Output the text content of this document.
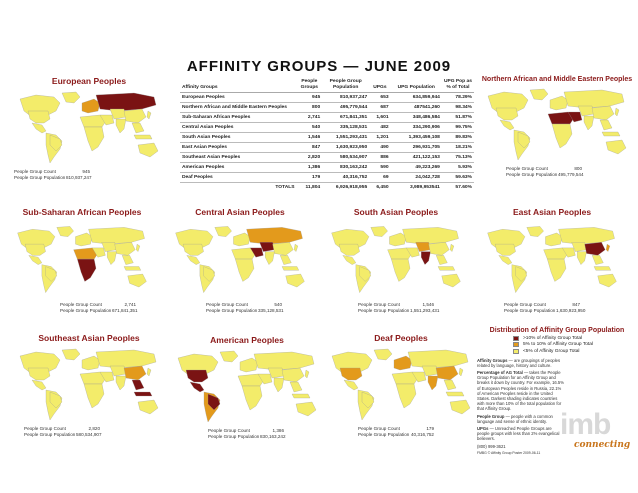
AFFINITY GROUPS — JUNE 2009
European Peoples
People Group Count	945
People Group Population 810,937,247
Affinity Groups	People Groups	People Group Population	UPGs	UPG Population	UPG Pop as % of Total
European Peoples	945	810,937,247	653	634,859,944	78.29%
Northern African and Middle Eastern Peoples	800	495,779,544	687	487541,260	98.34%
Sub-Saharan African Peoples	2,741	671,841,351	1,601	348,486,584	51.87%
Central Asian Peoples	540	335,128,531	482	334,290,906	99.75%
South Asian Peoples	1,546	1,551,293,431	1,201	1,393,459,108	89.83%
East Asian Peoples	847	1,630,923,950	490	296,931,705	18.21%
Southeast Asian Peoples	2,820	580,534,907	886	421,122,153	75.13%
American Peoples	1,386	830,163,242	590	49,223,269	5.93%
Deaf Peoples	179	40,316,752	69	24,042,728	59.63%
TOTALS	11,804	6,926,918,955	6,450	3,989,953541	57.60%
Northern African and Middle Eastern Peoples
People Group Count	800
People Group Population 495,779,544
Sub-Saharan African Peoples
People Group Count	2,741
People Group Population 671,841,351
Central Asian Peoples
People Group Count	540
People Group Population 335,128,531
South Asian Peoples
People Group Count	1,546
People Group Population 1,551,293,431
East Asian Peoples
People Group Count	847
People Group Population 1,630,923,950
Southeast Asian Peoples
People Group Count	2,820
People Group Population 580,534,907
American Peoples
People Group Count	1,386
People Group Population 830,163,242
Deaf Peoples
People Group Count	179
People Group Population 40,316,752
Distribution of Affinity Group Population
>10% of Affinity Group Total
5% to 10% of Affinity Group Total
<5% of Affinity Group Total

Affinity Groups — are groupings of peoples related by language, history and culture.

Percentage of AG Total — takes the People Group Population for an Affinity Group and breaks it down by country. For example, 16.5% of European Peoples reside in Russia, 22.1% of American Peoples reside in the United States. Darkest shading indicates countries with more than 10% of the total population for that Affinity Group.

People Group — people with a common language and sense of ethnic identity.

UPGs — Unreached People Groups are people groups with less than 2% evangelical believers.

(800) 999-3621

FMBG © Affinity Group Poster 2009-06-11

imb
connecting
